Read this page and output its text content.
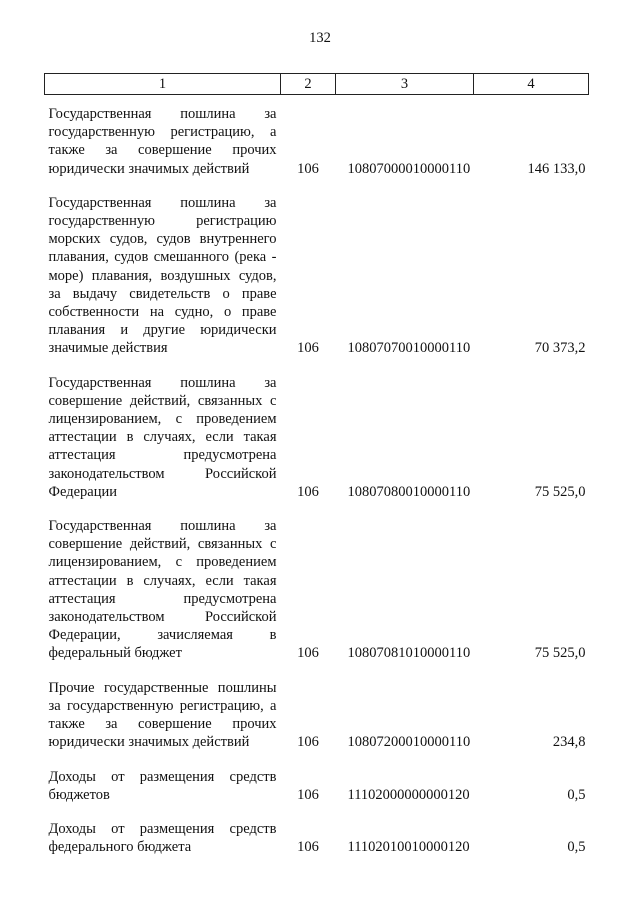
132
1	2	3	4
Государственная пошлина за государственную регистрацию, а также за совершение прочих юридически значимых действий	106	10807000010000110	146 133,0
Государственная пошлина за государственную регистрацию морских судов, судов внутреннего плавания, судов смешанного (река - море) плавания, воздушных судов, за выдачу свидетельств о праве собственности на судно, о праве плавания и другие юридически значимые действия	106	10807070010000110	70 373,2
Государственная пошлина за совершение действий, связанных с лицензированием, с проведением аттестации в случаях, если такая аттестация предусмотрена законодательством Российской Федерации	106	10807080010000110	75 525,0
Государственная пошлина за совершение действий, связанных с лицензированием, с проведением аттестации в случаях, если такая аттестация предусмотрена законодательством Российской Федерации, зачисляемая в федеральный бюджет	106	10807081010000110	75 525,0
Прочие государственные пошлины за государственную регистрацию, а также за совершение прочих юридически значимых действий	106	10807200010000110	234,8
Доходы от размещения средств бюджетов	106	11102000000000120	0,5
Доходы от размещения средств федерального бюджета	106	11102010010000120	0,5
